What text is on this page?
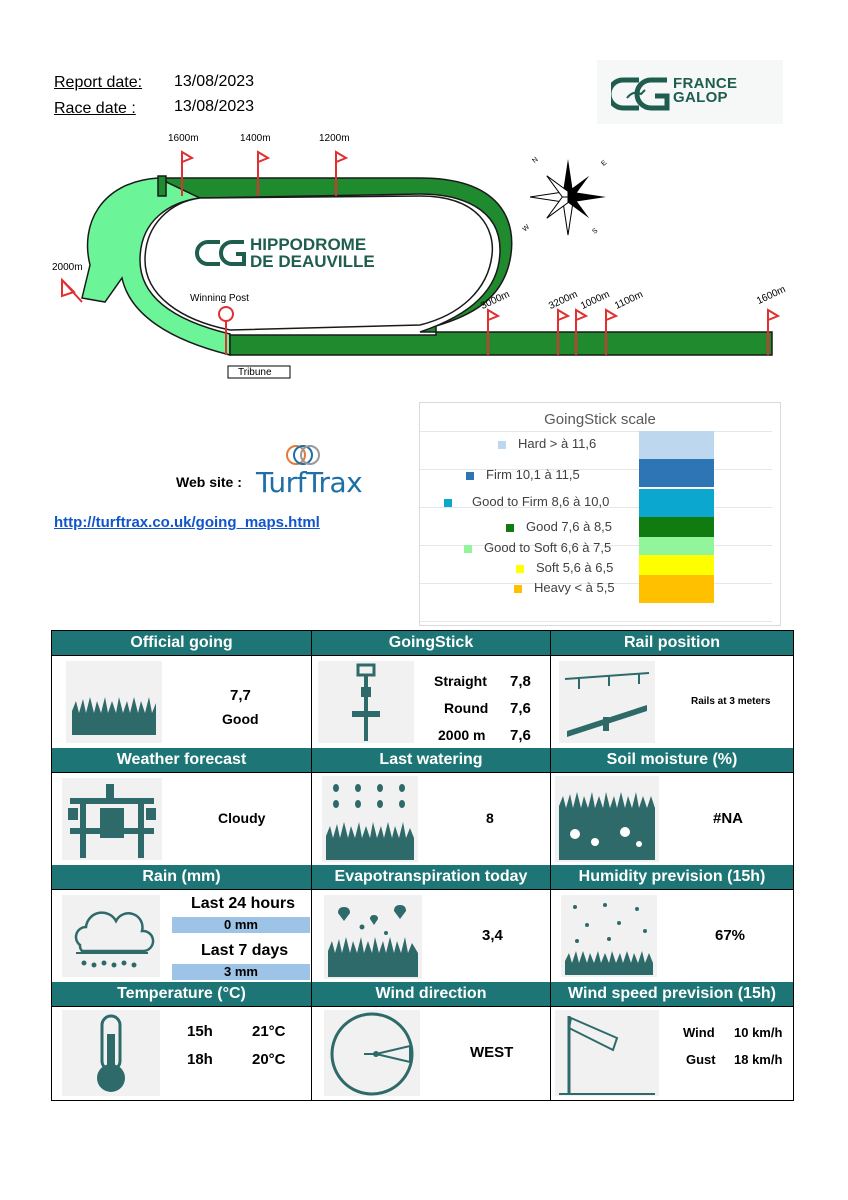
Report date: 13/08/2023
Race date : 13/08/2023
FRANCE
GALOP
1600m	1400m	1200m
2000m
3000m	3200m 1000m 1100m	1600m
Winning Post
Tribune
N	E
S
W
HIPPODROME
DE DEAUVILLE
GoingStick scale
Hard > à 11,6
Firm 10,1 à 11,5
Good to Firm 8,6 à 10,0
Good 7,6 à 8,5
Good to Soft 6,6 à 7,5
Soft 5,6 à 6,5
Heavy < à 5,5
Web site : TurfTrax
http://turftrax.co.uk/going_maps.html
Official going
7,7
Good
GoingStick
Straight 7,8
Round 7,6
2000 m 7,6
Rail position
Rails at 3 meters
Weather forecast
Cloudy
Last watering
8
Soil moisture (%)
#NA
Rain (mm)
Last 24 hours
0 mm
Last 7 days
3 mm
Evapotranspiration today
3,4
Humidity prevision (15h)
67%
Temperature (°C)
15h	21°C
18h	20°C
Wind direction
WEST
Wind speed prevision (15h)
Wind 10 km/h
Gust 18 km/h
